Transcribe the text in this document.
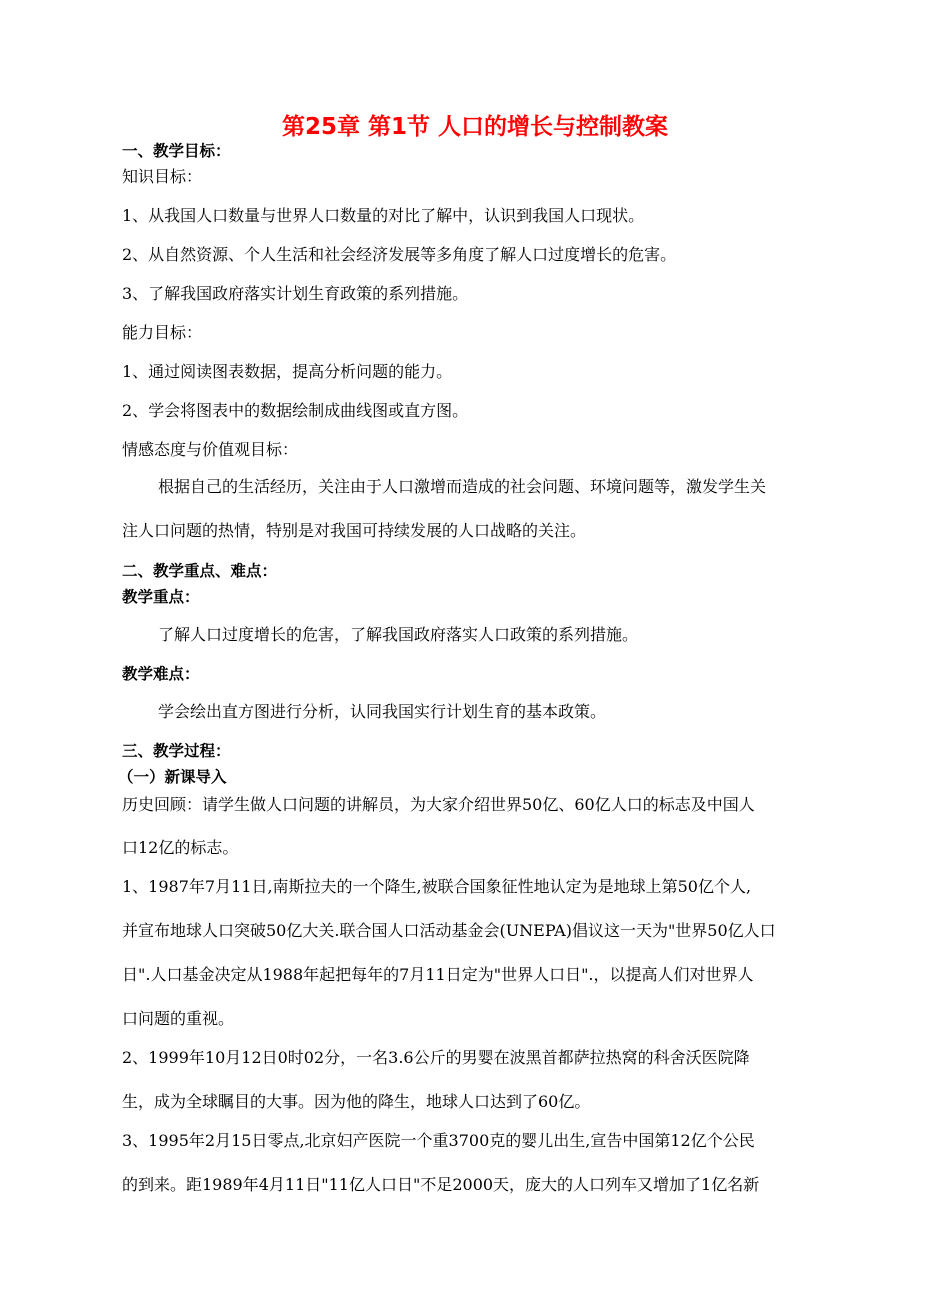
第25章 第1节 人口的增长与控制教案
一、教学目标：
知识目标：
1、从我国人口数量与世界人口数量的对比了解中，认识到我国人口现状。
2、从自然资源、个人生活和社会经济发展等多角度了解人口过度增长的危害。
3、了解我国政府落实计划生育政策的系列措施。
能力目标：
1、通过阅读图表数据，提高分析问题的能力。
2、学会将图表中的数据绘制成曲线图或直方图。
情感态度与价值观目标：
根据自己的生活经历，关注由于人口激增而造成的社会问题、环境问题等，激发学生关
注人口问题的热情，特别是对我国可持续发展的人口战略的关注。
二、教学重点、难点：
教学重点：
了解人口过度增长的危害，了解我国政府落实人口政策的系列措施。
教学难点：
学会绘出直方图进行分析，认同我国实行计划生育的基本政策。
三、教学过程：
（一）新课导入
历史回顾：请学生做人口问题的讲解员，为大家介绍世界50亿、60亿人口的标志及中国人
口12亿的标志。
1、1987年7月11日,南斯拉夫的一个降生,被联合国象征性地认定为是地球上第50亿个人,
并宣布地球人口突破50亿大关.联合国人口活动基金会(UNEPA)倡议这一天为"世界50亿人口
日".人口基金决定从1988年起把每年的7月11日定为"世界人口日".，以提高人们对世界人
口问题的重视。
2、1999年10月12日0时02分，一名3.6公斤的男婴在波黑首都萨拉热窝的科舍沃医院降
生，成为全球瞩目的大事。因为他的降生，地球人口达到了60亿。
3、1995年2月15日零点,北京妇产医院一个重3700克的婴儿出生,宣告中国第12亿个公民
的到来。距1989年4月11日"11亿人口日"不足2000天，庞大的人口列车又增加了1亿名新
